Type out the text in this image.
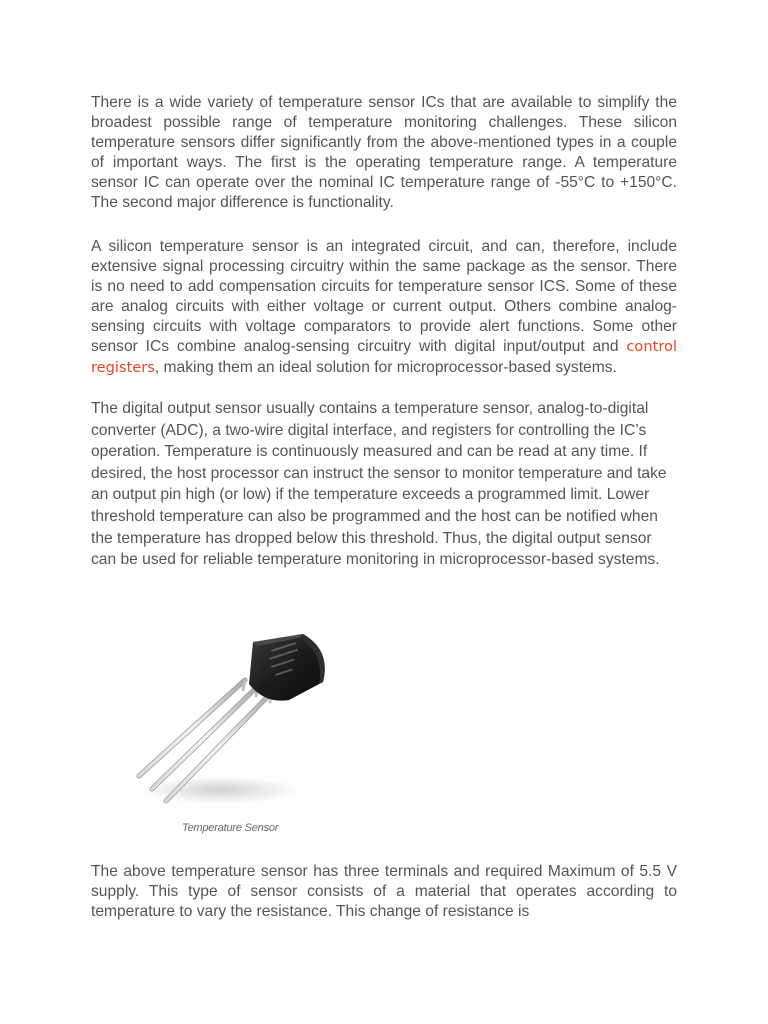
There is a wide variety of temperature sensor ICs that are available to simplify the broadest possible range of temperature monitoring challenges. These silicon temperature sensors differ significantly from the above-mentioned types in a couple of important ways. The first is the operating temperature range. A temperature sensor IC can operate over the nominal IC temperature range of -55°C to +150°C. The second major difference is functionality.

A silicon temperature sensor is an integrated circuit, and can, therefore, include extensive signal processing circuitry within the same package as the sensor. There is no need to add compensation circuits for temperature sensor ICS. Some of these are analog circuits with either voltage or current output. Others combine analog-sensing circuits with voltage comparators to provide alert functions. Some other sensor ICs combine analog-sensing circuitry with digital input/output and control registers, making them an ideal solution for microprocessor-based systems.

The digital output sensor usually contains a temperature sensor, analog-to-digital converter (ADC), a two-wire digital interface, and registers for controlling the IC’s operation. Temperature is continuously measured and can be read at any time. If desired, the host processor can instruct the sensor to monitor temperature and take an output pin high (or low) if the temperature exceeds a programmed limit. Lower threshold temperature can also be programmed and the host can be notified when the temperature has dropped below this threshold. Thus, the digital output sensor can be used for reliable temperature monitoring in microprocessor-based systems.

Temperature Sensor

The above temperature sensor has three terminals and required Maximum of 5.5 V supply. This type of sensor consists of a material that operates according to temperature to vary the resistance. This change of resistance is
